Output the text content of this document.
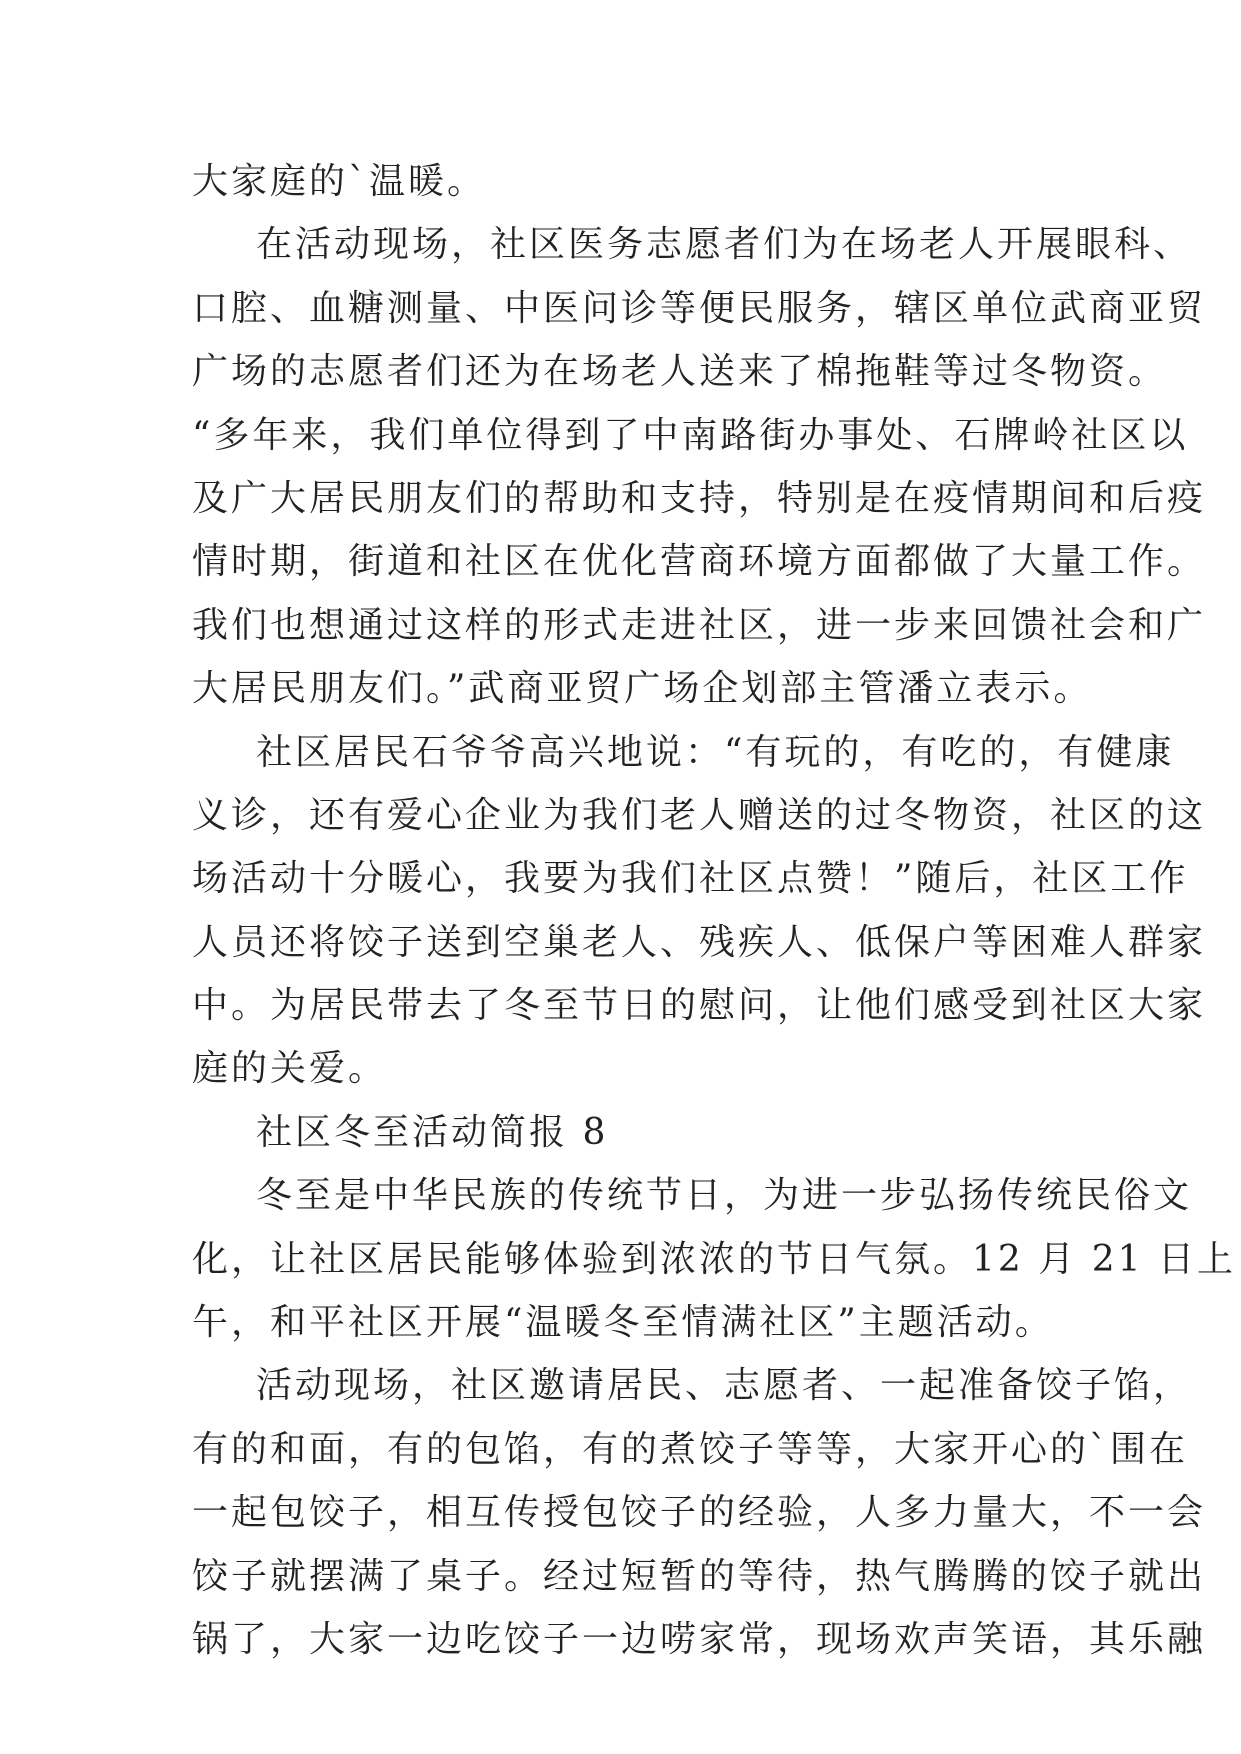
大家庭的`温暖。
在活动现场，社区医务志愿者们为在场老人开展眼科、
口腔、血糖测量、中医问诊等便民服务，辖区单位武商亚贸
广场的志愿者们还为在场老人送来了棉拖鞋等过冬物资。
“多年来，我们单位得到了中南路街办事处、石牌岭社区以
及广大居民朋友们的帮助和支持，特别是在疫情期间和后疫
情时期，街道和社区在优化营商环境方面都做了大量工作。
我们也想通过这样的形式走进社区，进一步来回馈社会和广
大居民朋友们。”武商亚贸广场企划部主管潘立表示。
社区居民石爷爷高兴地说：“有玩的，有吃的，有健康
义诊，还有爱心企业为我们老人赠送的过冬物资，社区的这
场活动十分暖心，我要为我们社区点赞！”随后，社区工作
人员还将饺子送到空巢老人、残疾人、低保户等困难人群家
中。为居民带去了冬至节日的慰问，让他们感受到社区大家
庭的关爱。
社区冬至活动简报 8
冬至是中华民族的传统节日，为进一步弘扬传统民俗文
化，让社区居民能够体验到浓浓的节日气氛。12 月 21 日上
午，和平社区开展“温暖冬至情满社区”主题活动。
活动现场，社区邀请居民、志愿者、一起准备饺子馅，
有的和面，有的包馅，有的煮饺子等等，大家开心的`围在
一起包饺子，相互传授包饺子的经验，人多力量大，不一会
饺子就摆满了桌子。经过短暂的等待，热气腾腾的饺子就出
锅了，大家一边吃饺子一边唠家常，现场欢声笑语，其乐融
